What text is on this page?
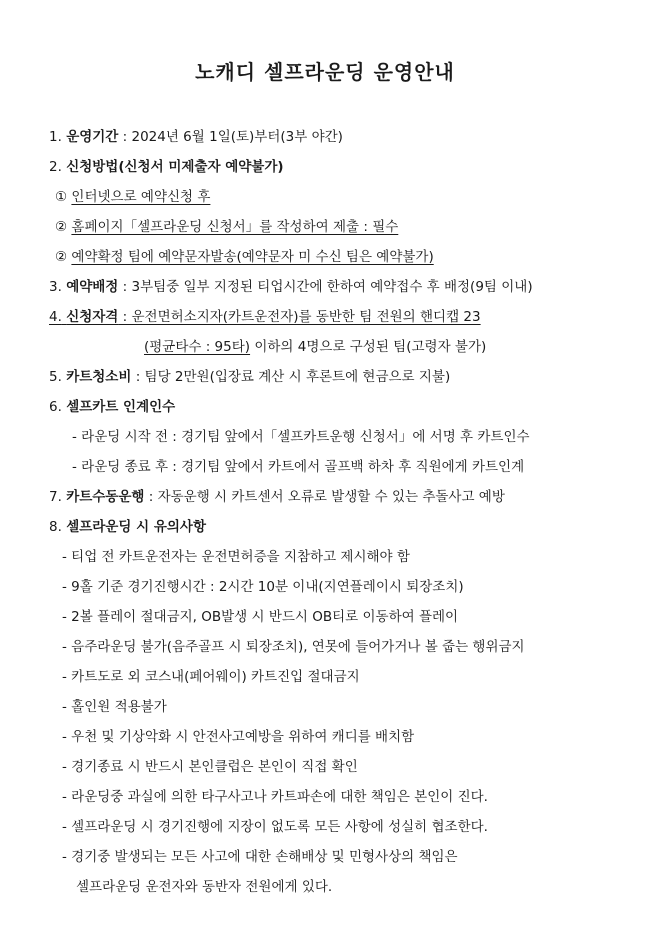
노캐디 셀프라운딩 운영안내
1. 운영기간 : 2024년 6월 1일(토)부터(3부 야간)
2. 신청방법(신청서 미제출자 예약불가)
① 인터넷으로 예약신청 후
② 홈페이지「셀프라운딩 신청서」를 작성하여 제출 : 필수
② 예약확정 팀에 예약문자발송(예약문자 미 수신 팀은 예약불가)
3. 예약배정 : 3부팀중 일부 지정된 티업시간에 한하여 예약접수 후 배정(9팀 이내)
4. 신청자격 : 운전면허소지자(카트운전자)를 동반한 팀 전원의 핸디캡 23
(평균타수 : 95타) 이하의 4명으로 구성된 팀(고령자 불가)
5. 카트청소비 : 팀당 2만원(입장료 계산 시 후론트에 현금으로 지불)
6. 셀프카트 인계인수
- 라운딩 시작 전 : 경기팀 앞에서「셀프카트운행 신청서」에 서명 후 카트인수
- 라운딩 종료 후 : 경기팀 앞에서 카트에서 골프백 하차 후 직원에게 카트인계
7. 카트수동운행 : 자동운행 시 카트센서 오류로 발생할 수 있는 추돌사고 예방
8. 셀프라운딩 시 유의사항
- 티업 전 카트운전자는 운전면허증을 지참하고 제시해야 함
- 9홀 기준 경기진행시간 : 2시간 10분 이내(지연플레이시 퇴장조치)
- 2볼 플레이 절대금지, OB발생 시 반드시 OB티로 이동하여 플레이
- 음주라운딩 불가(음주골프 시 퇴장조치), 연못에 들어가거나 볼 줍는 행위금지
- 카트도로 외 코스내(페어웨이) 카트진입 절대금지
- 홀인원 적용불가
- 우천 및 기상악화 시 안전사고예방을 위하여 캐디를 배치함
- 경기종료 시 반드시 본인클럽은 본인이 직접 확인
- 라운딩중 과실에 의한 타구사고나 카트파손에 대한 책임은 본인이 진다.
- 셀프라운딩 시 경기진행에 지장이 없도록 모든 사항에 성실히 협조한다.
- 경기중 발생되는 모든 사고에 대한 손해배상 및 민형사상의 책임은
셀프라운딩 운전자와 동반자 전원에게 있다.
